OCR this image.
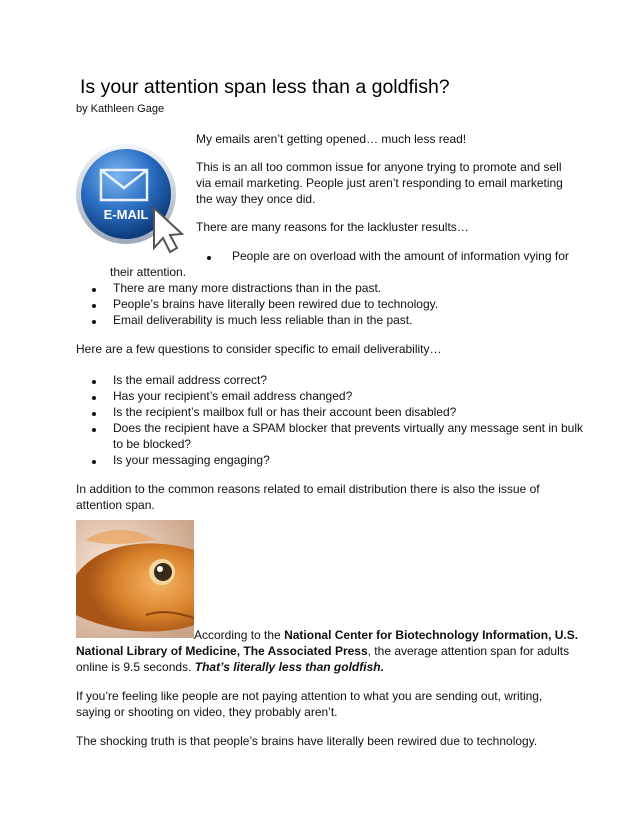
Is your attention span less than a goldfish?
by Kathleen Gage
E-MAIL
My emails aren’t getting opened… much less read!
This is an all too common issue for anyone trying to promote and sell
via email marketing. People just aren’t responding to email marketing
the way they once did.
There are many reasons for the lackluster results…
People are on overload with the amount of information vying for
their attention.
There are many more distractions than in the past.
People’s brains have literally been rewired due to technology.
Email deliverability is much less reliable than in the past.
Here are a few questions to consider specific to email deliverability…
Is the email address correct?
Has your recipient’s email address changed?
Is the recipient’s mailbox full or has their account been disabled?
Does the recipient have a SPAM blocker that prevents virtually any message sent in bulk
to be blocked?
Is your messaging engaging?
In addition to the common reasons related to email distribution there is also the issue of
attention span.
According to the National Center for Biotechnology Information, U.S.
National Library of Medicine, The Associated Press, the average attention span for adults
online is 9.5 seconds. That’s literally less than goldfish.
If you’re feeling like people are not paying attention to what you are sending out, writing,
saying or shooting on video, they probably aren’t.
The shocking truth is that people’s brains have literally been rewired due to technology.
